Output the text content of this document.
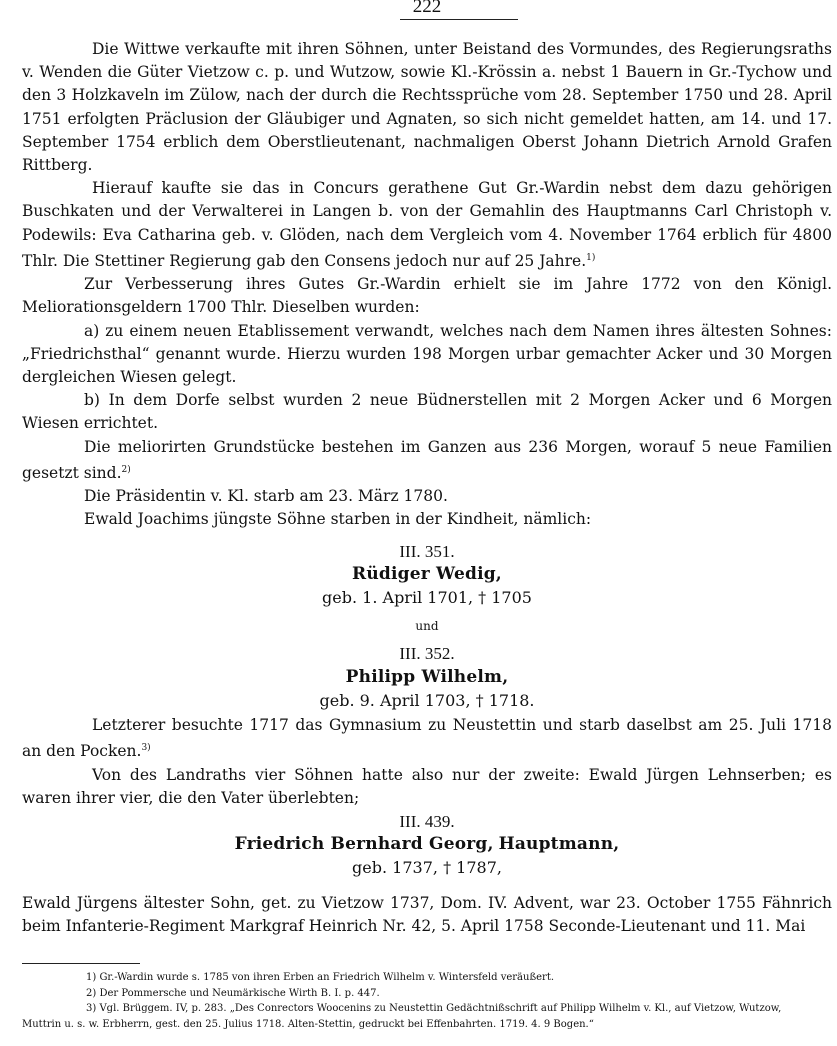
222

Die Wittwe verkaufte mit ihren Söhnen, unter Beistand des Vormundes, des Regierungsraths v. Wenden die Güter Vietzow c. p. und Wutzow, sowie Kl.-Krössin a. nebst 1 Bauern in Gr.-Tychow und den 3 Holzkaveln im Zülow, nach der durch die Rechtssprüche vom 28. September 1750 und 28. April 1751 erfolgten Präclusion der Gläubiger und Agnaten, so sich nicht gemeldet hatten, am 14. und 17. September 1754 erblich dem Oberstlieutenant, nachmaligen Oberst Johann Dietrich Arnold Grafen Rittberg.

Hierauf kaufte sie das in Concurs gerathene Gut Gr.-Wardin nebst dem dazu gehörigen Buschkaten und der Verwalterei in Langen b. von der Gemahlin des Hauptmanns Carl Christoph v. Podewils: Eva Catharina geb. v. Glöden, nach dem Vergleich vom 4. November 1764 erblich für 4800 Thlr. Die Stettiner Regierung gab den Consens jedoch nur auf 25 Jahre.$^{1)}$

Zur Verbesserung ihres Gutes Gr.-Wardin erhielt sie im Jahre 1772 von den Königl. Meliorationsgeldern 1700 Thlr. Dieselben wurden:

a) zu einem neuen Etablissement verwandt, welches nach dem Namen ihres ältesten Sohnes: „Friedrichsthal“ genannt wurde. Hierzu wurden 198 Morgen urbar gemachter Acker und 30 Morgen dergleichen Wiesen gelegt.

b) In dem Dorfe selbst wurden 2 neue Büdnerstellen mit 2 Morgen Acker und 6 Morgen Wiesen errichtet.

Die meliorirten Grundstücke bestehen im Ganzen aus 236 Morgen, worauf 5 neue Familien gesetzt sind.$^{2)}$

Die Präsidentin v. Kl. starb am 23. März 1780.

Ewald Joachims jüngste Söhne starben in der Kindheit, nämlich:

III. 351.
Rüdiger Wedig,
geb. 1. April 1701, † 1705
und
III. 352.
Philipp Wilhelm,
geb. 9. April 1703, † 1718.

Letzterer besuchte 1717 das Gymnasium zu Neustettin und starb daselbst am 25. Juli 1718 an den Pocken.$^{3)}$

Von des Landraths vier Söhnen hatte also nur der zweite: Ewald Jürgen Lehnserben; es waren ihrer vier, die den Vater überlebten;

III. 439.
Friedrich Bernhard Georg, Hauptmann,
geb. 1737, † 1787,

Ewald Jürgens ältester Sohn, get. zu Vietzow 1737, Dom. IV. Advent, war 23. October 1755 Fähnrich beim Infanterie-Regiment Markgraf Heinrich Nr. 42, 5. April 1758 Seconde-Lieutenant und 11. Mai

1) Gr.-Wardin wurde s. 1785 von ihren Erben an Friedrich Wilhelm v. Wintersfeld veräußert.

2) Der Pommersche und Neumärkische Wirth B. I. p. 447.

3) Vgl. Brüggem. IV, p. 283. „Des Conrectors Woocenins zu Neustettin Gedächtnißschrift auf Philipp Wilhelm v. Kl., auf Vietzow, Wutzow,

Muttrin u. s. w. Erbherrn, gest. den 25. Julius 1718. Alten-Stettin, gedruckt bei Effenbahrten. 1719. 4. 9 Bogen.“
